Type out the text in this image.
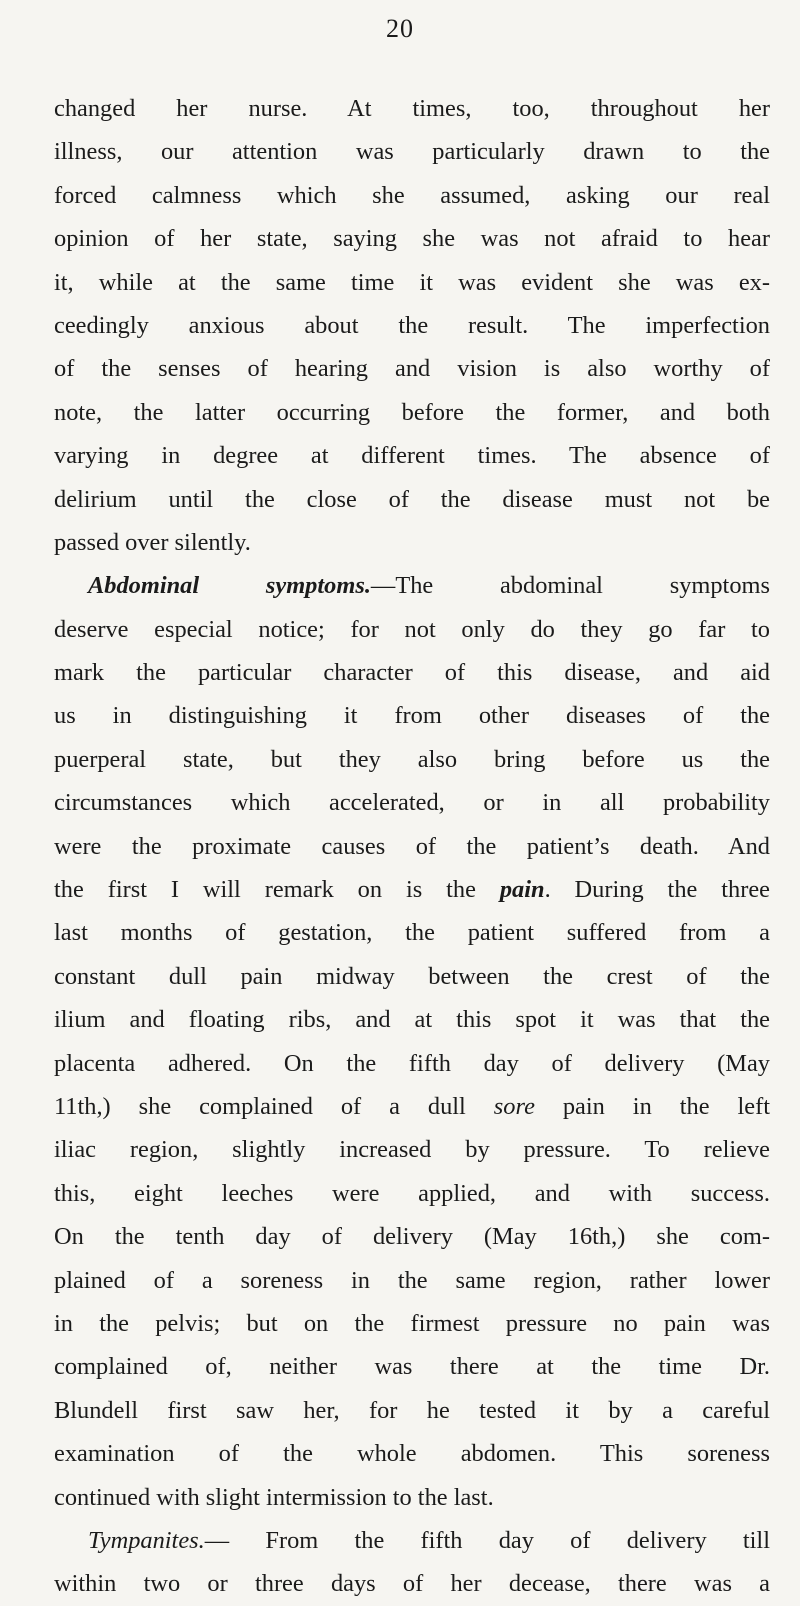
20
changed her nurse. At times, too, throughout her
illness, our attention was particularly drawn to the
forced calmness which she assumed, asking our real
opinion of her state, saying she was not afraid to hear
it, while at the same time it was evident she was ex-
ceedingly anxious about the result. The imperfection
of the senses of hearing and vision is also worthy of
note, the latter occurring before the former, and both
varying in degree at different times. The absence of
delirium until the close of the disease must not be
passed over silently.
Abdominal symptoms.—The abdominal symptoms
deserve especial notice; for not only do they go far to
mark the particular character of this disease, and aid
us in distinguishing it from other diseases of the
puerperal state, but they also bring before us the
circumstances which accelerated, or in all probability
were the proximate causes of the patient’s death. And
the first I will remark on is the pain. During the three
last months of gestation, the patient suffered from a
constant dull pain midway between the crest of the
ilium and floating ribs, and at this spot it was that the
placenta adhered. On the fifth day of delivery (May
11th,) she complained of a dull sore pain in the left
iliac region, slightly increased by pressure. To relieve
this, eight leeches were applied, and with success.
On the tenth day of delivery (May 16th,) she com-
plained of a soreness in the same region, rather lower
in the pelvis; but on the firmest pressure no pain was
complained of, neither was there at the time Dr.
Blundell first saw her, for he tested it by a careful
examination of the whole abdomen. This soreness
continued with slight intermission to the last.
Tympanites.— From the fifth day of delivery till
within two or three days of her decease, there was a
